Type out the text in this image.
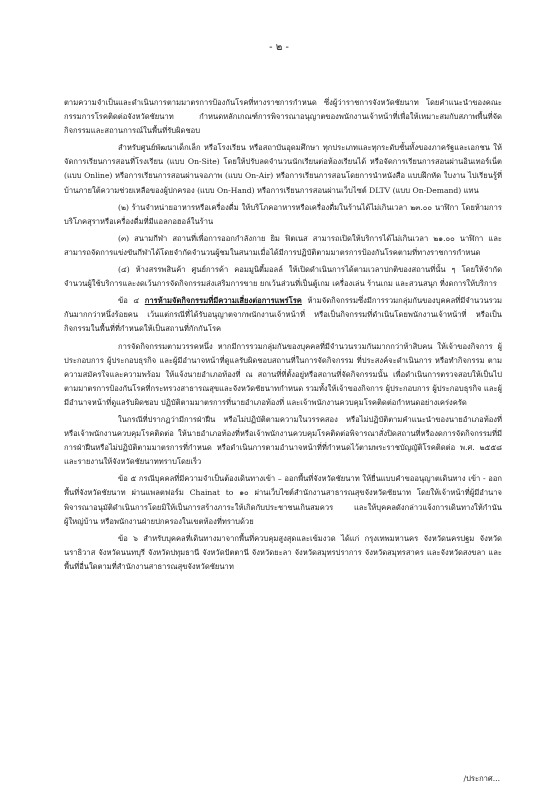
- ๒ -

ตามความจำเป็นและดำเนินการตามมาตรการป้องกันโรคที่ทางราชการกำหนด ซึ่งผู้ว่าราชการจังหวัดชัยนาท โดยคำแนะนำของคณะกรรมการโรคติดต่อจังหวัดชัยนาท กำหนดหลักเกณฑ์การพิจารณาอนุญาตของพนักงานเจ้าหน้าที่เพื่อให้เหมาะสมกับสภาพพื้นที่จัดกิจกรรมและสถานการณ์ในพื้นที่รับผิดชอบ

สำหรับศูนย์พัฒนาเด็กเล็ก หรือโรงเรียน หรือสถาบันอุดมศึกษา ทุกประเภทและทุกระดับชั้นทั้งของภาครัฐและเอกชน ให้จัดการเรียนการสอนที่โรงเรียน (แบบ On-Site) โดยให้ปรับลดจำนวนนักเรียนต่อห้องเรียนได้ หรือจัดการเรียนการสอนผ่านอินเทอร์เน็ต (แบบ Online) หรือการเรียนการสอนผ่านจอภาพ (แบบ On-Air) หรือการเรียนการสอนโดยการนำหนังสือ แบบฝึกหัด ใบงาน ไปเรียนรู้ที่บ้านภายใต้ความช่วยเหลือของผู้ปกครอง (แบบ On-Hand) หรือการเรียนการสอนผ่านเว็บไซต์ DLTV (แบบ On-Demand) แทน

(๒) ร้านจำหน่ายอาหารหรือเครื่องดื่ม ให้บริโภคอาหารหรือเครื่องดื่มในร้านได้ไม่เกินเวลา ๒๓.๐๐ นาฬิกา โดยห้ามการบริโภคสุราหรือเครื่องดื่มที่มีแอลกอฮอล์ในร้าน

(๓) สนามกีฬา สถานที่เพื่อการออกกำลังกาย ยิม ฟิตเนส สามารถเปิดให้บริการได้ไม่เกินเวลา ๒๑.๐๐ นาฬิกา และสามารถจัดการแข่งขันกีฬาได้โดยจำกัดจำนวนผู้ชมในสนามเมื่อได้มีการปฏิบัติตามมาตรการป้องกันโรคตามที่ทางราชการกำหนด

(๔) ห้างสรรพสินค้า ศูนย์การค้า คอมมูนิตี้มอลล์ ให้เปิดดำเนินการได้ตามเวลาปกติของสถานที่นั้น ๆ โดยให้จำกัดจำนวนผู้ใช้บริการและงดเว้นการจัดกิจกรรมส่งเสริมการขาย ยกเว้นส่วนที่เป็นตู้เกม เครื่องเล่น ร้านเกม และสวนสนุก ที่งดการให้บริการ

ข้อ ๔ การห้ามจัดกิจกรรมที่มีความเสี่ยงต่อการแพร่โรค ห้ามจัดกิจกรรมซึ่งมีการรวมกลุ่มกันของบุคคลที่มีจำนวนรวมกันมากกว่าหนึ่งร้อยคน เว้นแต่กรณีที่ได้รับอนุญาตจากพนักงานเจ้าหน้าที่ หรือเป็นกิจกรรมที่ดำเนินโดยพนักงานเจ้าหน้าที่ หรือเป็นกิจกรรมในพื้นที่ที่กำหนดให้เป็นสถานที่กักกันโรค

การจัดกิจกรรมตามวรรคหนึ่ง หากมีการรวมกลุ่มกันของบุคคลที่มีจำนวนรวมกันมากกว่าห้าสิบคน ให้เจ้าของกิจการ ผู้ประกอบการ ผู้ประกอบธุรกิจ และผู้มีอำนาจหน้าที่ดูแลรับผิดชอบสถานที่ในการจัดกิจกรรม ที่ประสงค์จะดำเนินการ หรือทำกิจกรรม ตามความสมัครใจและความพร้อม ให้แจ้งนายอำเภอท้องที่ ณ สถานที่ที่ตั้งอยู่หรือสถานที่จัดกิจกรรมนั้น เพื่อดำเนินการตรวจสอบให้เป็นไปตามมาตรการป้องกันโรคที่กระทรวงสาธารณสุขและจังหวัดชัยนาทกำหนด รวมทั้งให้เจ้าของกิจการ ผู้ประกอบการ ผู้ประกอบธุรกิจ และผู้มีอำนาจหน้าที่ดูแลรับผิดชอบ ปฏิบัติตามมาตรการที่นายอำเภอท้องที่ และเจ้าพนักงานควบคุมโรคติดต่อกำหนดอย่างเคร่งครัด

ในกรณีที่ปรากฏว่ามีการฝ่าฝืน หรือไม่ปฏิบัติตามความในวรรคสอง หรือไม่ปฏิบัติตามคำแนะนำของนายอำเภอท้องที่หรือเจ้าพนักงานควบคุมโรคติดต่อ ให้นายอำเภอท้องที่หรือเจ้าพนักงานควบคุมโรคติดต่อพิจารณาสั่งปิดสถานที่หรืองดการจัดกิจกรรมที่มีการฝ่าฝืนหรือไม่ปฏิบัติตามมาตรการที่กำหนด หรือดำเนินการตามอำนาจหน้าที่ที่กำหนดไว้ตามพระราชบัญญัติโรคติดต่อ พ.ศ. ๒๕๕๘ และรายงานให้จังหวัดชัยนาททราบโดยเร็ว

ข้อ ๕ กรณีบุคคลที่มีความจำเป็นต้องเดินทางเข้า – ออกพื้นที่จังหวัดชัยนาท ให้ยื่นแบบคำขออนุญาตเดินทาง เข้า - ออก พื้นที่จังหวัดชัยนาท ผ่านแพลตฟอร์ม Chainat to ๑๐ ผ่านเว็บไซต์สำนักงานสาธารณสุขจังหวัดชัยนาท โดยให้เจ้าหน้าที่ผู้มีอำนาจพิจารณาอนุมัติดำเนินการโดยมิให้เป็นการสร้างภาระให้เกิดกับประชาชนเกินสมควร และให้บุคคลดังกล่าวแจ้งการเดินทางให้กำนัน ผู้ใหญ่บ้าน หรือพนักงานฝ่ายปกครองในเขตท้องที่ทราบด้วย

ข้อ ๖ สำหรับบุคคลที่เดินทางมาจากพื้นที่ควบคุมสูงสุดและเข้มงวด ได้แก่ กรุงเทพมหานคร จังหวัดนครปฐม จังหวัดนราธิวาส จังหวัดนนทบุรี จังหวัดปทุมธานี จังหวัดปัตตานี จังหวัดยะลา จังหวัดสมุทรปราการ จังหวัดสมุทรสาคร และจังหวัดสงขลา และพื้นที่อื่นใดตามที่สำนักงานสาธารณสุขจังหวัดชัยนาท

/ประกาศ...
